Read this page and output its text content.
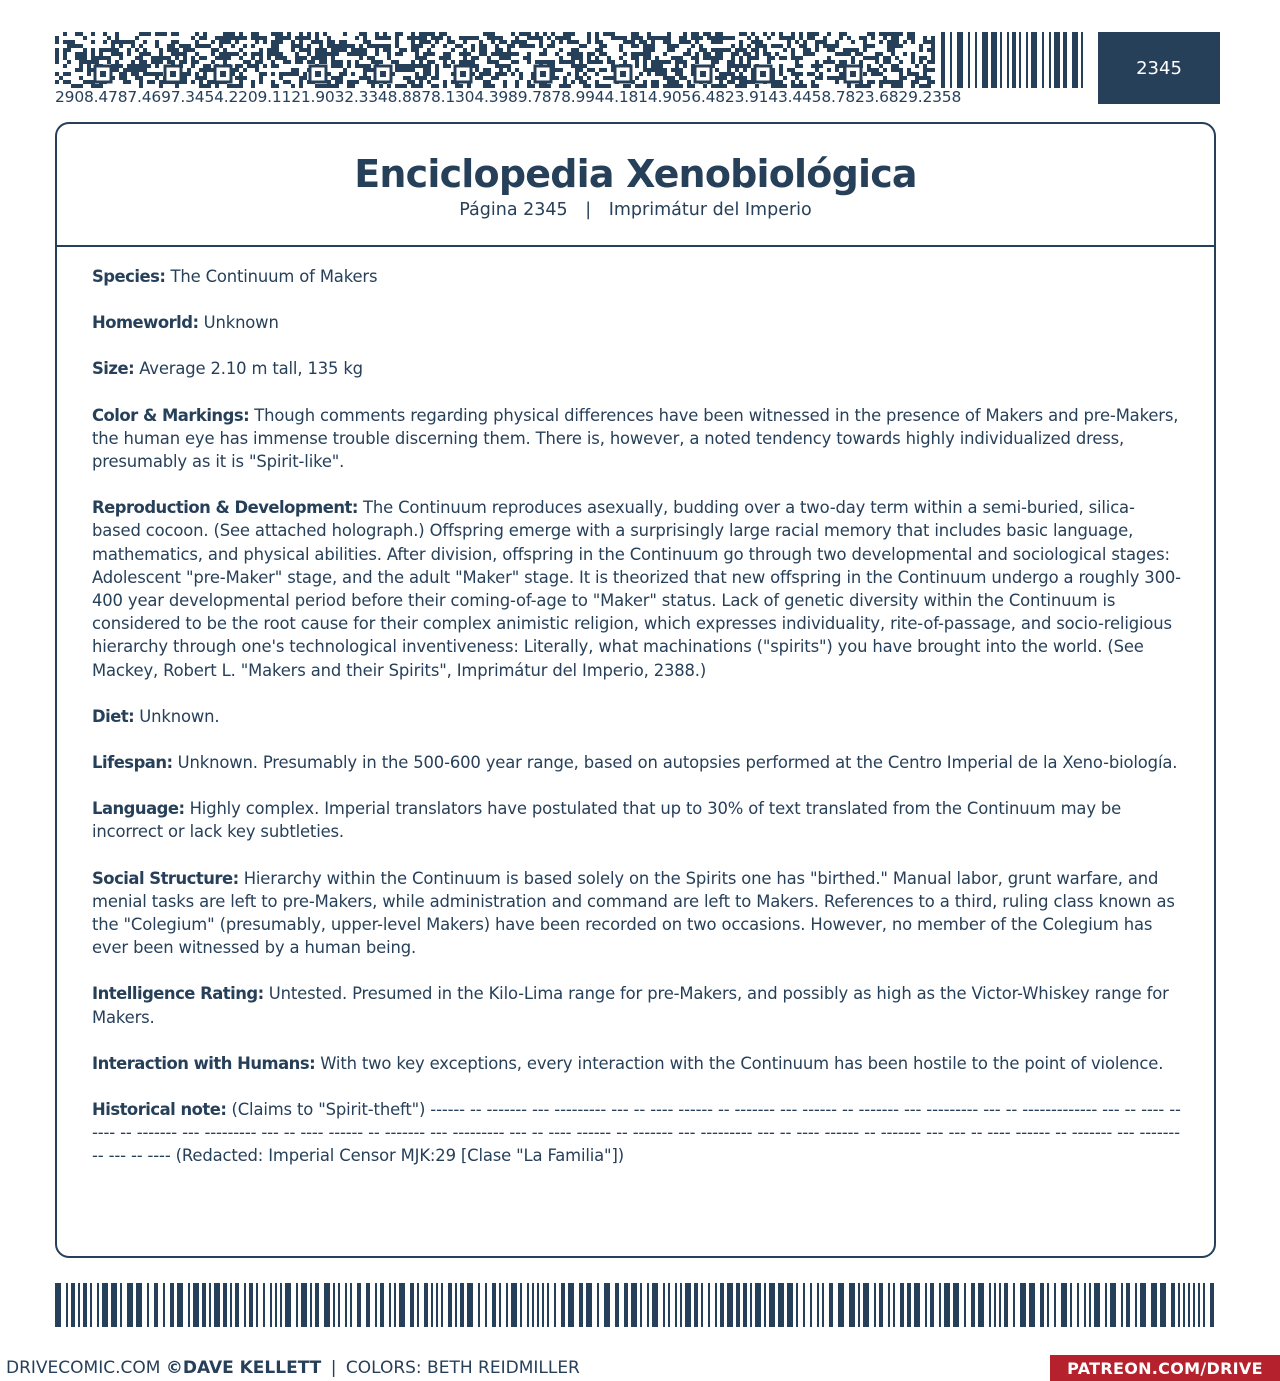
2908.4787.4697.3454.2209.1121.9032.3348.8878.1304.3989.7878.9944.1814.9056.4823.9143.4458.7823.6829.2358
2345
Enciclopedia Xenobiológica
Página 2345 | Imprimátur del Imperio

Species: The Continuum of Makers

Homeworld: Unknown

Size: Average 2.10 m tall, 135 kg

Color & Markings: Though comments regarding physical differences have been witnessed in the presence of Makers and pre-Makers, the human eye has immense trouble discerning them. There is, however, a noted tendency towards highly individualized dress, presumably as it is "Spirit-like".

Reproduction & Development: The Continuum reproduces asexually, budding over a two-day term within a semi-buried, silica-based cocoon. (See attached holograph.) Offspring emerge with a surprisingly large racial memory that includes basic language, mathematics, and physical abilities. After division, offspring in the Continuum go through two developmental and sociological stages: Adolescent "pre-Maker" stage, and the adult "Maker" stage. It is theorized that new offspring in the Continuum undergo a roughly 300-400 year developmental period before their coming-of-age to "Maker" status. Lack of genetic diversity within the Continuum is considered to be the root cause for their complex animistic religion, which expresses individuality, rite-of-passage, and socio-religious hierarchy through one's technological inventiveness: Literally, what machinations ("spirits") you have brought into the world. (See Mackey, Robert L. "Makers and their Spirits", Imprimátur del Imperio, 2388.)

Diet: Unknown.

Lifespan: Unknown. Presumably in the 500-600 year range, based on autopsies performed at the Centro Imperial de la Xeno-biología.

Language: Highly complex. Imperial translators have postulated that up to 30% of text translated from the Continuum may be incorrect or lack key subtleties.

Social Structure: Hierarchy within the Continuum is based solely on the Spirits one has "birthed." Manual labor, grunt warfare, and menial tasks are left to pre-Makers, while administration and command are left to Makers. References to a third, ruling class known as the "Colegium" (presumably, upper-level Makers) have been recorded on two occasions. However, no member of the Colegium has ever been witnessed by a human being.

Intelligence Rating: Untested. Presumed in the Kilo-Lima range for pre-Makers, and possibly as high as the Victor-Whiskey range for Makers.

Interaction with Humans: With two key exceptions, every interaction with the Continuum has been hostile to the point of violence.

Historical note: (Claims to "Spirit-theft") ------ -- ------- --- --------- --- -- ---- ------ -- ------- --- ------ -- ------- --- --------- --- -- ------------- --- -- ---- ------ -- ------- --- --------- --- -- ---- ------ -- ------- --- --------- --- -- ---- ------ -- ------- --- --------- --- -- ---- ------ -- ------- --- --- -- ---- ------ -- ------- --- --------- --- -- ---- (Redacted: Imperial Censor MJK:29 [Clase "La Familia"])

DRIVECOMIC.COM ©DAVE KELLETT | COLORS: BETH REIDMILLER	PATREON.COM/DRIVE
